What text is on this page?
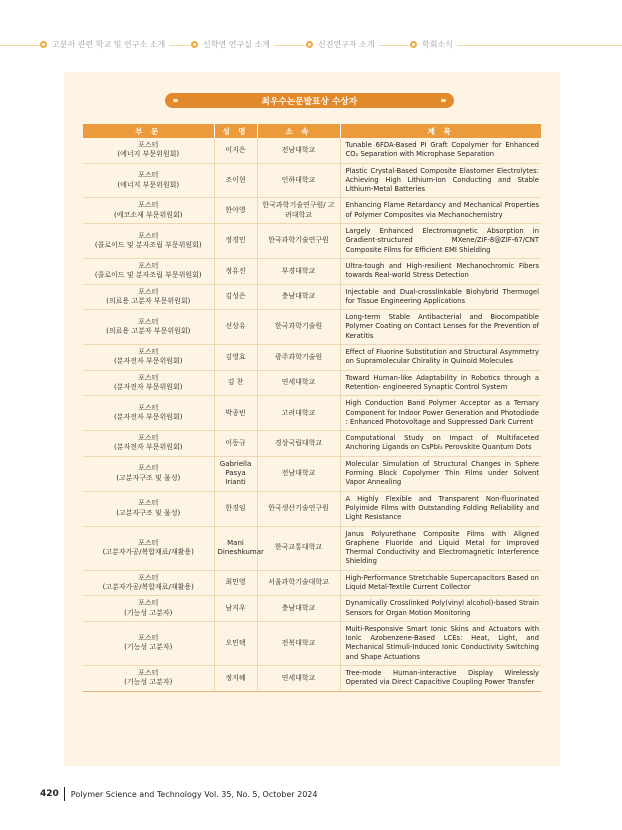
고분자 관련 학교 및 연구소 소개	신학연 연구실 소개	신진연구자 소개	학회소식
최우수논문발표상 수상자
부 문	성 명	소 속	제 목

포스터
(에너지 부문위원회)	이지은	전남대학교	Tunable 6FDA-Based PI Graft Copolymer for Enhanced CO₂ Separation with Microphase Separation

포스터
(에너지 부문위원회)	조이현	인하대학교	Plastic Crystal-Based Composite Elastomer Electrolytes: Achieving High Lithium-Ion Conducting and Stable Lithium-Metal Batteries

포스터
(에코소재 부문위원회)	한아영	한국과학기술연구원/ 고려대학교	Enhancing Flame Retardancy and Mechanical Properties of Polymer Composites via Mechanochemistry

포스터
(콜로이드 및 분자조립 부문위원회)	정경민	한국과학기술연구원	Largely Enhanced Electromagnetic Absorption in Gradient-structured MXene/ZIF-8@ZIF-67/CNT Composite Films for Efficient EMI Shielding

포스터
(콜로이드 및 분자조립 부문위원회)	정유진	부경대학교	Ultra-tough and High-resilient Mechanochromic Fibers towards Real-world Stress Detection

포스터
(의료용 고분자 부문위원회)	김성은	충남대학교	Injectable and Dual-crosslinkable Biohybrid Thermogel for Tissue Engineering Applications

포스터
(의료용 고분자 부문위원회)	선상유	한국과학기술원	Long-term Stable Antibacterial and Biocompatible Polymer Coating on Contact Lenses for the Prevention of Keratitis

포스터
(분자전자 부문위원회)	김영효	광주과학기술원	Effect of Fluorine Substitution and Structural Asymmetry on Supramolecular Chirality in Quinoid Molecules

포스터
(분자전자 부문위원회)	김 찬	연세대학교	Toward Human-like Adaptability in Robotics through a Retention- engineered Synaptic Control System

포스터
(분자전자 부문위원회)	박종빈	고려대학교	High Conduction Band Polymer Acceptor as a Ternary Component for Indoor Power Generation and Photodiode : Enhanced Photovoltage and Suppressed Dark Current

포스터
(분자전자 부문위원회)	이동규	경상국립대학교	Computational Study on Impact of Multifaceted Anchoring Ligands on CsPbI₃ Perovskite Quantum Dots

포스터
(고분자구조 및 물성)	Gabriella Pasya Irianti	전남대학교	Molecular Simulation of Structural Changes in Sphere Forming Block Copolymer Thin Films under Solvent Vapor Annealing

포스터
(고분자구조 및 물성)	한경임	한국생산기술연구원	A Highly Flexible and Transparent Non-fluorinated Polyimide Films with Outstanding Folding Reliability and Light Resistance

포스터
(고분자가공/복합재료/재활용)	Mani Dineshkumar	한국교통대학교	Janus Polyurethane Composite Films with Aligned Graphene Fluoride and Liquid Metal for Improved Thermal Conductivity and Electromagnetic Interference Shielding

포스터
(고분자가공/복합재료/재활용)	최민영	서울과학기술대학교	High-Performance Stretchable Supercapacitors Based on Liquid Metal-Textile Current Collector

포스터
(기능성 고분자)	남지우	충남대학교	Dynamically Crosslinked Poly(vinyl alcohol)-based Strain Sensors for Organ Motion Monitoring

포스터
(기능성 고분자)	오민택	전북대학교	Multi-Responsive Smart Ionic Skins and Actuators with Ionic Azobenzene-Based LCEs: Heat, Light, and Mechanical Stimuli-Induced Ionic Conductivity Switching and Shape Actuations

포스터
(기능성 고분자)	정지혜	연세대학교	Tree-mode Human-interactive Display Wirelessly Operated via Direct Capacitive Coupling Power Transfer
420 Polymer Science and Technology Vol. 35, No. 5, October 2024
